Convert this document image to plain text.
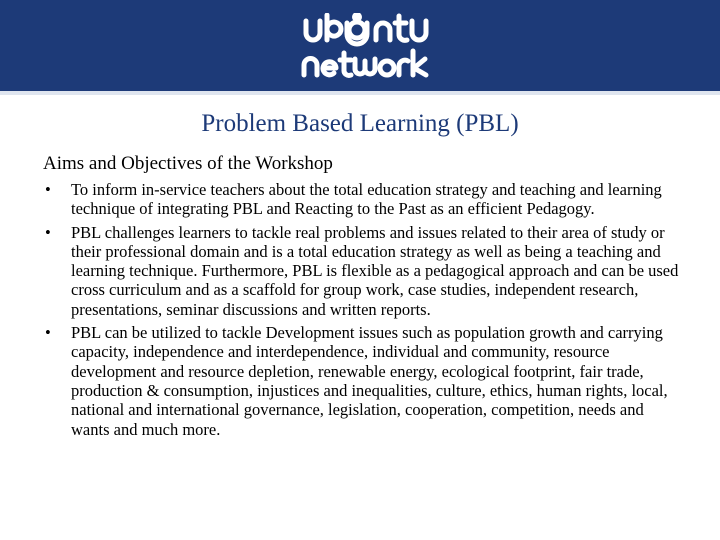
Problem Based Learning (PBL)
Aims and Objectives of the Workshop
• To inform in-service teachers about the total education strategy and teaching and learning technique of integrating PBL and Reacting to the Past as an efficient Pedagogy.
• PBL challenges learners to tackle real problems and issues related to their area of study or their professional domain and is a total education strategy as well as being a teaching and learning technique. Furthermore, PBL is flexible as a pedagogical approach and can be used cross curriculum and as a scaffold for group work, case studies, independent research, presentations, seminar discussions and written reports.
• PBL can be utilized to tackle Development issues such as population growth and carrying capacity, independence and interdependence, individual and community, resource development and resource depletion, renewable energy, ecological footprint, fair trade, production & consumption, injustices and inequalities, culture, ethics, human rights, local, national and international governance, legislation, cooperation, competition, needs and wants and much more.
